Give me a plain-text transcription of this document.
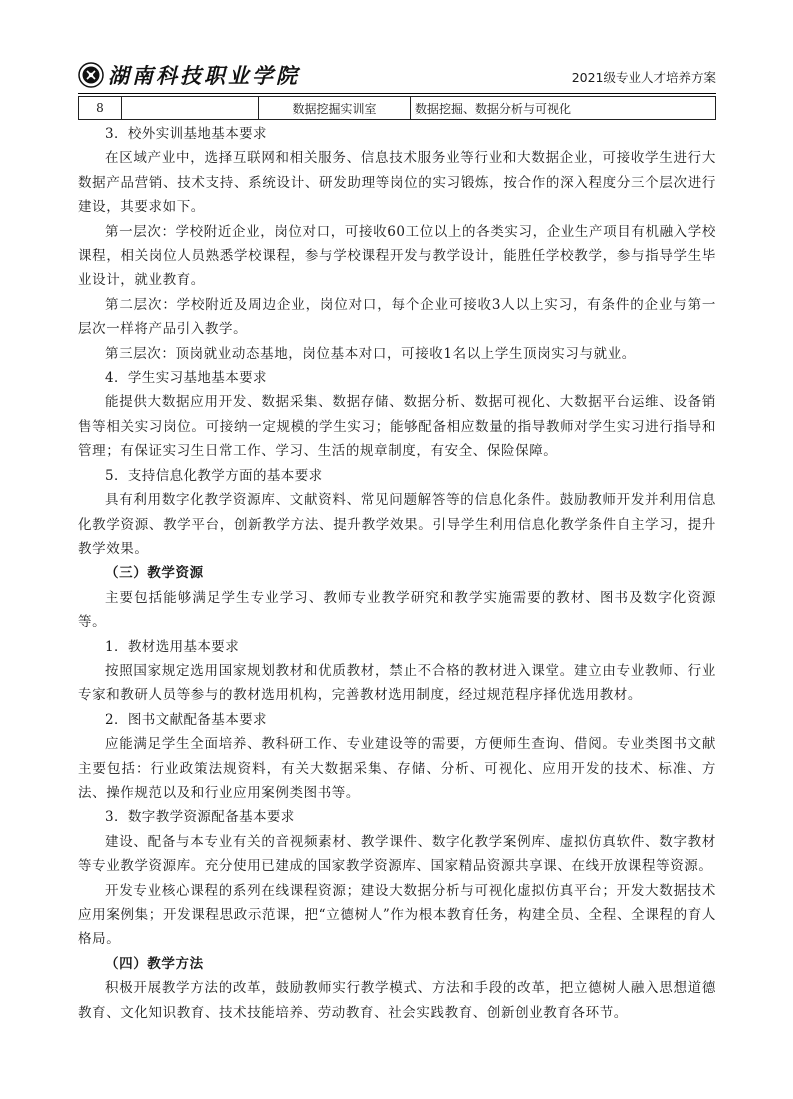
湖南科技职业学院	2021级专业人才培养方案
8		数据挖掘实训室	数据挖掘、数据分析与可视化

3．校外实训基地基本要求

在区域产业中，选择互联网和相关服务、信息技术服务业等行业和大数据企业，可接收学生进行大数据产品营销、技术支持、系统设计、研发助理等岗位的实习锻炼，按合作的深入程度分三个层次进行建设，其要求如下。

第一层次：学校附近企业，岗位对口，可接收60工位以上的各类实习，企业生产项目有机融入学校课程，相关岗位人员熟悉学校课程，参与学校课程开发与教学设计，能胜任学校教学，参与指导学生毕业设计，就业教育。

第二层次：学校附近及周边企业，岗位对口，每个企业可接收3人以上实习，有条件的企业与第一层次一样将产品引入教学。

第三层次：顶岗就业动态基地，岗位基本对口，可接收1名以上学生顶岗实习与就业。

4．学生实习基地基本要求

能提供大数据应用开发、数据采集、数据存储、数据分析、数据可视化、大数据平台运维、设备销售等相关实习岗位。可接纳一定规模的学生实习；能够配备相应数量的指导教师对学生实习进行指导和管理；有保证实习生日常工作、学习、生活的规章制度，有安全、保险保障。

5．支持信息化教学方面的基本要求

具有利用数字化教学资源库、文献资料、常见问题解答等的信息化条件。鼓励教师开发并利用信息化教学资源、教学平台，创新教学方法、提升教学效果。引导学生利用信息化教学条件自主学习，提升教学效果。

（三）教学资源

主要包括能够满足学生专业学习、教师专业教学研究和教学实施需要的教材、图书及数字化资源等。

1．教材选用基本要求

按照国家规定选用国家规划教材和优质教材，禁止不合格的教材进入课堂。建立由专业教师、行业专家和教研人员等参与的教材选用机构，完善教材选用制度，经过规范程序择优选用教材。

2．图书文献配备基本要求

应能满足学生全面培养、教科研工作、专业建设等的需要，方便师生查询、借阅。专业类图书文献主要包括：行业政策法规资料，有关大数据采集、存储、分析、可视化、应用开发的技术、标准、方法、操作规范以及和行业应用案例类图书等。

3．数字教学资源配备基本要求

建设、配备与本专业有关的音视频素材、教学课件、数字化教学案例库、虚拟仿真软件、数字教材等专业教学资源库。充分使用已建成的国家教学资源库、国家精品资源共享课、在线开放课程等资源。

开发专业核心课程的系列在线课程资源；建设大数据分析与可视化虚拟仿真平台；开发大数据技术应用案例集；开发课程思政示范课，把“立德树人”作为根本教育任务，构建全员、全程、全课程的育人格局。

（四）教学方法

积极开展教学方法的改革，鼓励教师实行教学模式、方法和手段的改革，把立德树人融入思想道德教育、文化知识教育、技术技能培养、劳动教育、社会实践教育、创新创业教育各环节。
